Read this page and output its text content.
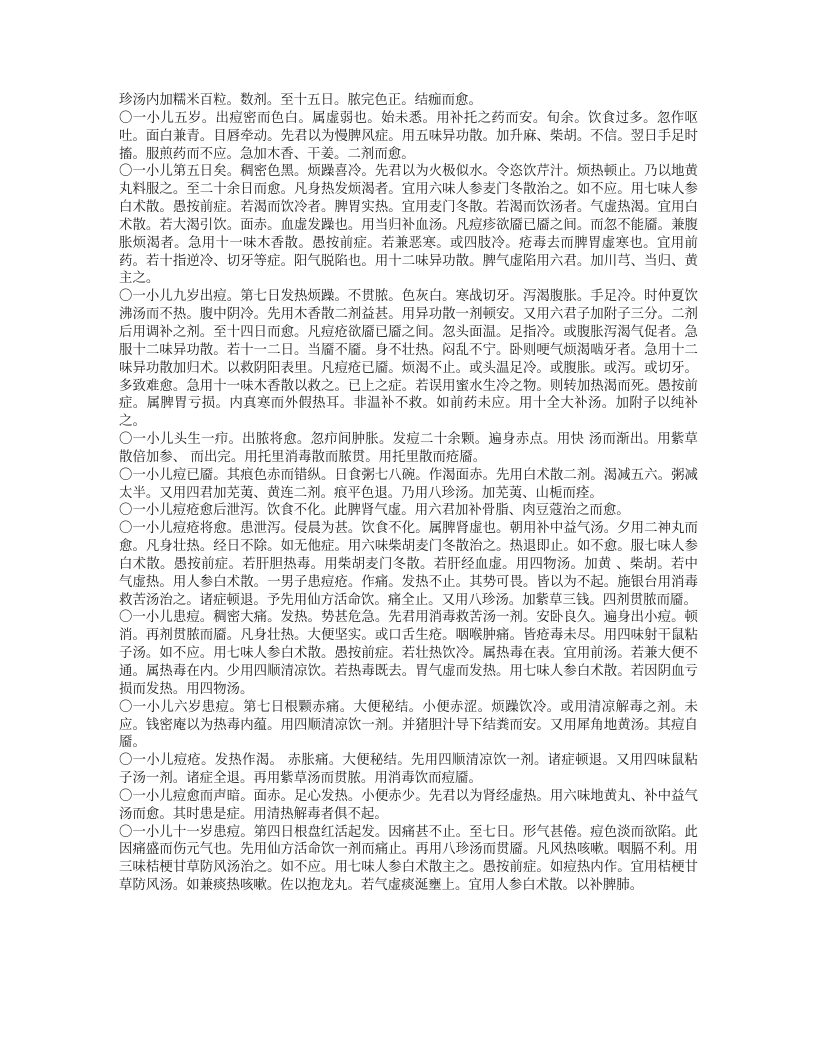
珍汤内加糯米百粒。数剂。至十五日。脓完色正。结痂而愈。

〇一小儿五岁。出痘密而色白。属虚弱也。始未悉。用补托之药而安。旬余。饮食过多。忽作呕吐。面白兼青。目唇牵动。先君以为慢脾风症。用五味异功散。加升麻、柴胡。不信。翌日手足时搐。服煎药而不应。急加木香、干姜。二剂而愈。

〇一小儿第五日矣。稠密色黑。烦躁喜冷。先君以为火极似水。令恣饮芹汁。烦热顿止。乃以地黄丸料服之。至二十余日而愈。凡身热发烦渴者。宜用六味人参麦门冬散治之。如不应。用七味人参白术散。愚按前症。若渴而饮冷者。脾胃实热。宜用麦门冬散。若渴而饮汤者。气虚热渴。宜用白术散。若大渴引饮。面赤。血虚发躁也。用当归补血汤。凡痘疹欲靥已靥之间。而忽不能靥。兼腹胀烦渴者。急用十一味木香散。愚按前症。若兼恶寒。或四肢冷。疮毒去而脾胃虚寒也。宜用前药。若十指逆冷、切牙等症。阳气脱陷也。用十二味异功散。脾气虚陷用六君。加川芎、当归、黄 主之。

〇一小儿九岁出痘。第七日发热烦躁。不贯脓。色灰白。寒战切牙。泻渴腹胀。手足冷。时仲夏饮沸汤而不热。腹中阴冷。先用木香散二剂益甚。用异功散一剂顿安。又用六君子加附子三分。二剂后用调补之剂。至十四日而愈。凡痘疮欲靥已靥之间。忽头面温。足指冷。或腹胀泻渴气促者。急服十二味异功散。若十一二日。当靥不靥。身不壮热。闷乱不宁。卧则哽气烦渴啮牙者。急用十二味异功散加归术。以救阴阳表里。凡痘疮已靥。烦渴不止。或头温足冷。或腹胀。或泻。或切牙。多致难愈。急用十一味木香散以救之。已上之症。若误用蜜水生冷之物。则转加热渴而死。愚按前症。属脾胃亏损。内真寒而外假热耳。非温补不救。如前药未应。用十全大补汤。加附子以纯补之。

〇一小儿头生一疖。出脓将愈。忽疖间肿胀。发痘二十余颗。遍身赤点。用快 汤而渐出。用紫草散倍加参、 而出完。用托里消毒散而脓贯。用托里散而疮靥。

〇一小儿痘已靥。其痕色赤而错纵。日食粥七八碗。作渴面赤。先用白术散二剂。渴减五六。粥减太半。又用四君加芜荑、黄连二剂。痕平色退。乃用八珍汤。加芜荑、山栀而痊。

〇一小儿痘疮愈后泄泻。饮食不化。此脾肾气虚。用六君加补骨脂、肉豆蔻治之而愈。

〇一小儿痘疮将愈。患泄泻。侵晨为甚。饮食不化。属脾肾虚也。朝用补中益气汤。夕用二神丸而愈。凡身壮热。经日不除。如无他症。用六味柴胡麦门冬散治之。热退即止。如不愈。服七味人参白术散。愚按前症。若肝胆热毒。用柴胡麦门冬散。若肝经血虚。用四物汤。加黄 、柴胡。若中气虚热。用人参白术散。一男子患痘疮。作痛。发热不止。其势可畏。皆以为不起。施银台用消毒救苦汤治之。诸症顿退。予先用仙方活命饮。痛全止。又用八珍汤。加紫草三钱。四剂贯脓而靥。

〇一小儿患痘。稠密大痛。发热。势甚危急。先君用消毒救苦汤一剂。安卧良久。遍身出小痘。顿消。再剂贯脓而靥。凡身壮热。大便坚实。或口舌生疮。咽喉肿痛。皆疮毒未尽。用四味射干鼠粘子汤。如不应。用七味人参白术散。愚按前症。若壮热饮冷。属热毒在表。宜用前汤。若兼大便不通。属热毒在内。少用四顺清凉饮。若热毒既去。胃气虚而发热。用七味人参白术散。若因阴血亏损而发热。用四物汤。

〇一小儿六岁患痘。第七日根颗赤痛。大便秘结。小便赤涩。烦躁饮冷。或用清凉解毒之剂。未应。钱密庵以为热毒内蕴。用四顺清凉饮一剂。并猪胆汁导下结粪而安。又用犀角地黄汤。其痘自靥。

〇一小儿痘疮。发热作渴。 赤胀痛。大便秘结。先用四顺清凉饮一剂。诸症顿退。又用四味鼠粘子汤一剂。诸症全退。再用紫草汤而贯脓。用消毒饮而痘靥。

〇一小儿痘愈而声暗。面赤。足心发热。小便赤少。先君以为肾经虚热。用六味地黄丸、补中益气汤而愈。其时患是症。用清热解毒者俱不起。

〇一小儿十一岁患痘。第四日根盘红活起发。因痛甚不止。至七日。形气甚倦。痘色淡而欲陷。此因痛盛而伤元气也。先用仙方活命饮一剂而痛止。再用八珍汤而贯靥。凡风热咳嗽。咽膈不利。用三味桔梗甘草防风汤治之。如不应。用七味人参白术散主之。愚按前症。如痘热内作。宜用桔梗甘草防风汤。如兼痰热咳嗽。佐以抱龙丸。若气虚痰涎壅上。宜用人参白术散。以补脾肺。
